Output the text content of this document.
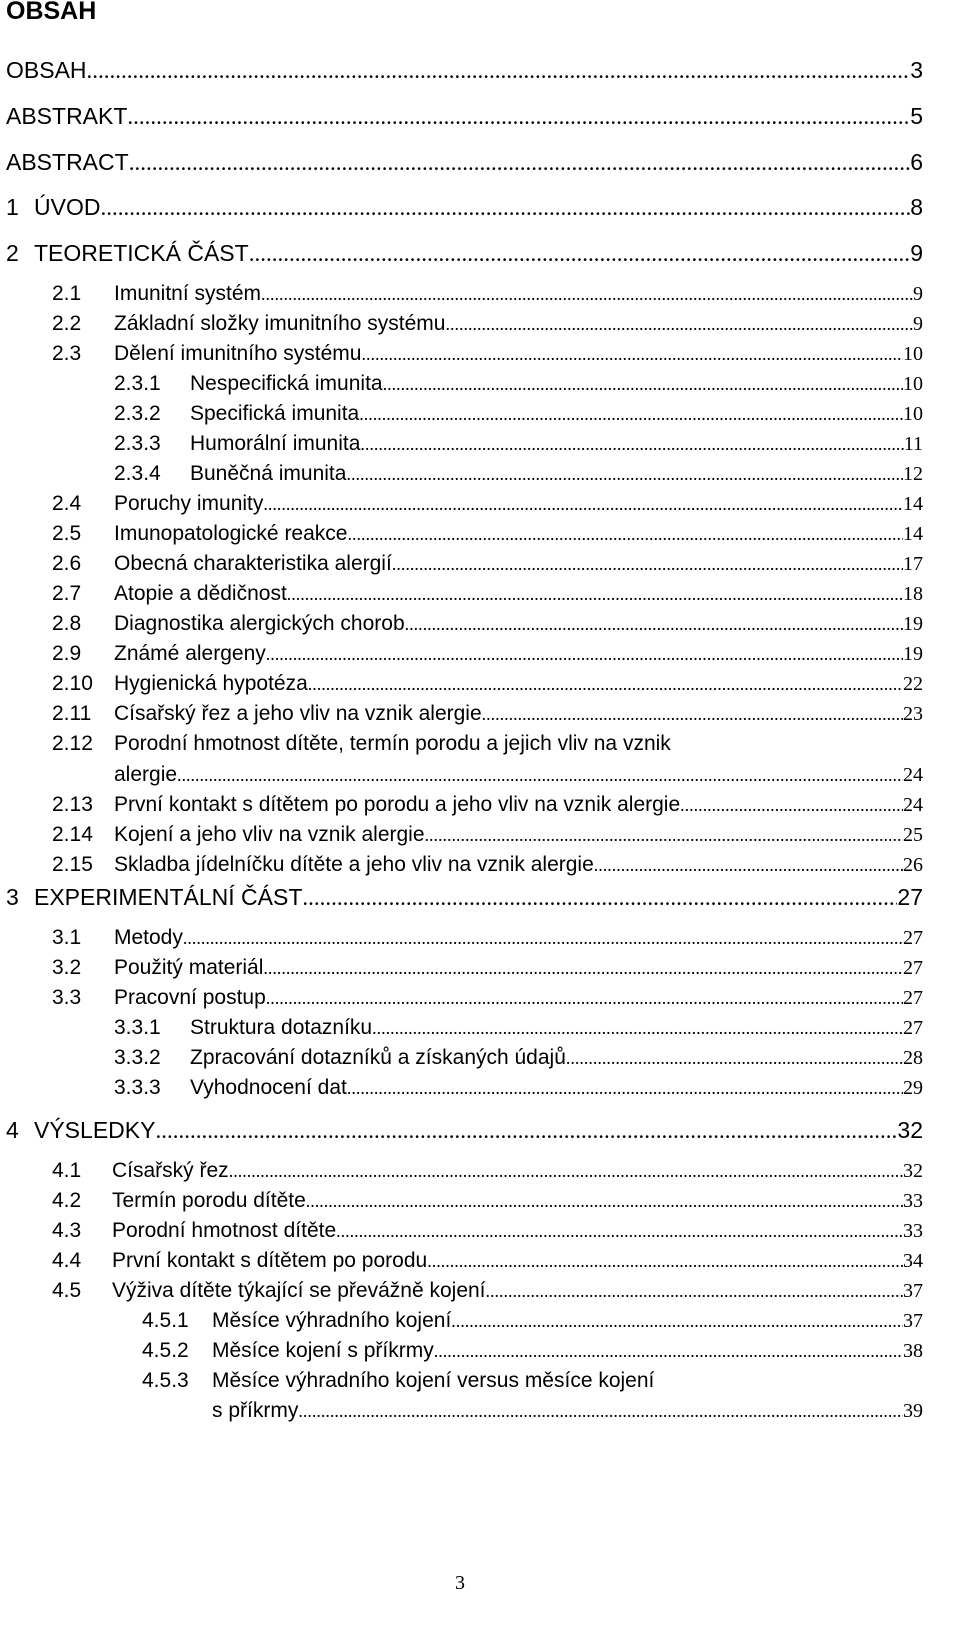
OBSAH
OBSAH .....	3
ABSTRAKT .....	5
ABSTRACT .....	6
1 ÚVOD .....	8
2 TEORETICKÁ ČÁST .....	9
2.1	Imunitní systém .....	9
2.2	Základní složky imunitního systému .....	9
2.3	Dělení imunitního systému .....	10
2.3.1	Nespecifická imunita .....	10
2.3.2	Specifická imunita .....	10
2.3.3	Humorální imunita .....	11
2.3.4	Buněčná imunita .....	12
2.4	Poruchy imunity .....	14
2.5	Imunopatologické reakce .....	14
2.6	Obecná charakteristika alergií .....	17
2.7	Atopie a dědičnost .....	18
2.8	Diagnostika alergických chorob .....	19
2.9	Známé alergeny .....	19
2.10	Hygienická hypotéza .....	22
2.11	Císařský řez a jeho vliv na vznik alergie .....	23
2.12	Porodní hmotnost dítěte, termín porodu a jejich vliv na vznik
alergie .....	24
2.13	První kontakt s dítětem po porodu a jeho vliv na vznik alergie .....	24
2.14	Kojení a jeho vliv na vznik alergie .....	25
2.15	Skladba jídelníčku dítěte a jeho vliv na vznik alergie .....	26
3 EXPERIMENTÁLNÍ ČÁST .....	27
3.1	Metody .....	27
3.2	Použitý materiál .....	27
3.3	Pracovní postup .....	27
3.3.1	Struktura dotazníku .....	27
3.3.2	Zpracování dotazníků a získaných údajů .....	28
3.3.3	Vyhodnocení dat .....	29
4 VÝSLEDKY .....	32
4.1	Císařský řez .....	32
4.2	Termín porodu dítěte .....	33
4.3	Porodní hmotnost dítěte .....	33
4.4	První kontakt s dítětem po porodu .....	34
4.5	Výživa dítěte týkající se převážně kojení .....	37
4.5.1	Měsíce výhradního kojení .....	37
4.5.2	Měsíce kojení s příkrmy .....	38
4.5.3	Měsíce výhradního kojení versus měsíce kojení
s příkrmy .....	39
3
